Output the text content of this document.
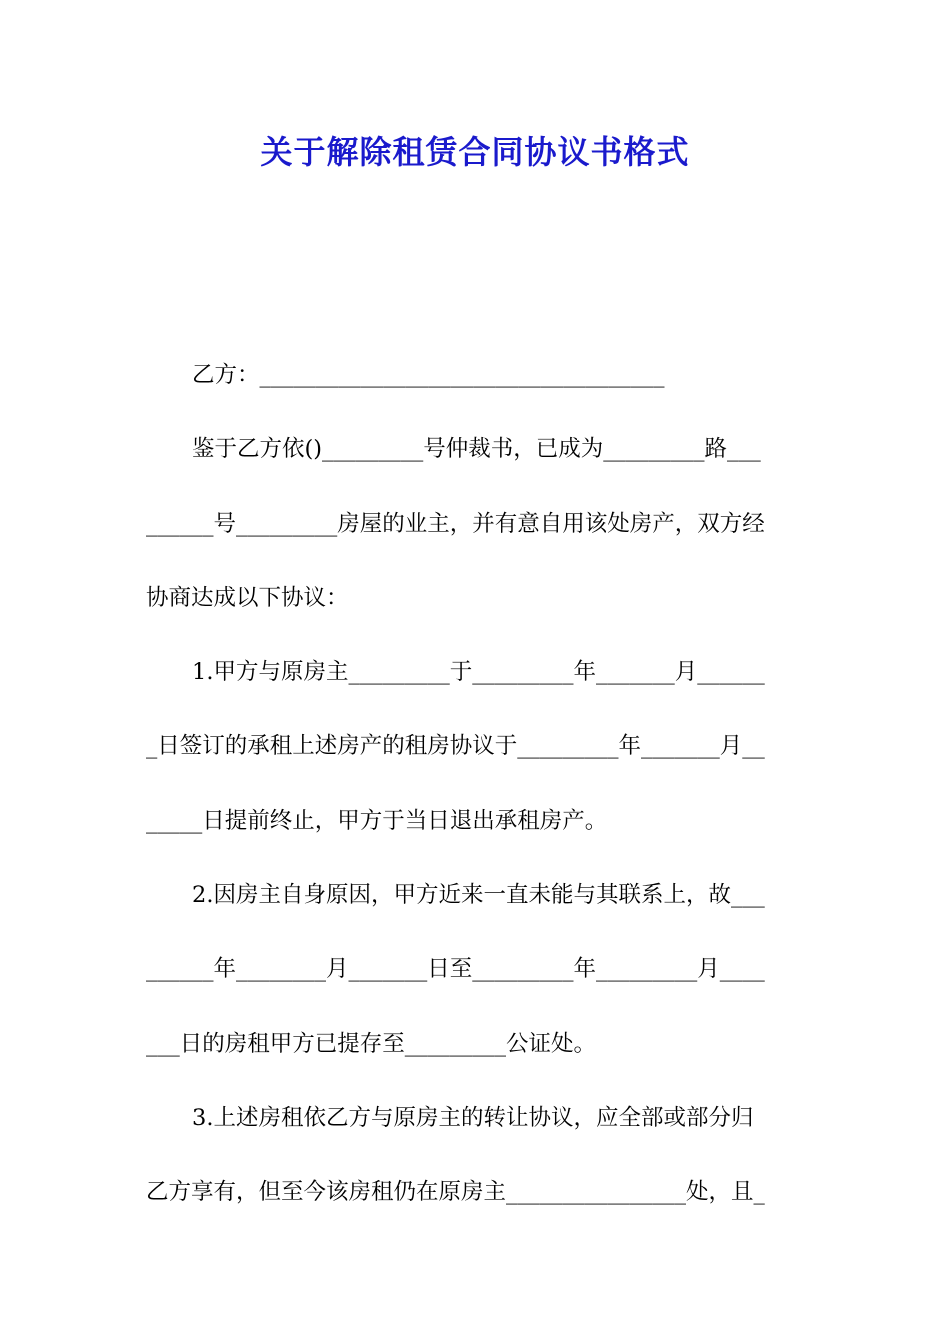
关于解除租赁合同协议书格式
乙方：____________________________________
鉴于乙方依()_________号仲裁书，已成为_________路___
______号_________房屋的业主，并有意自用该处房产，双方经
协商达成以下协议：
1.甲方与原房主_________于_________年_______月______
_日签订的承租上述房产的租房协议于_________年_______月__
_____日提前终止，甲方于当日退出承租房产。
2.因房主自身原因，甲方近来一直未能与其联系上，故___
______年________月_______日至_________年_________月____
___日的房租甲方已提存至_________公证处。
3.上述房租依乙方与原房主的转让协议，应全部或部分归
乙方享有，但至今该房租仍在原房主________________处，且_
